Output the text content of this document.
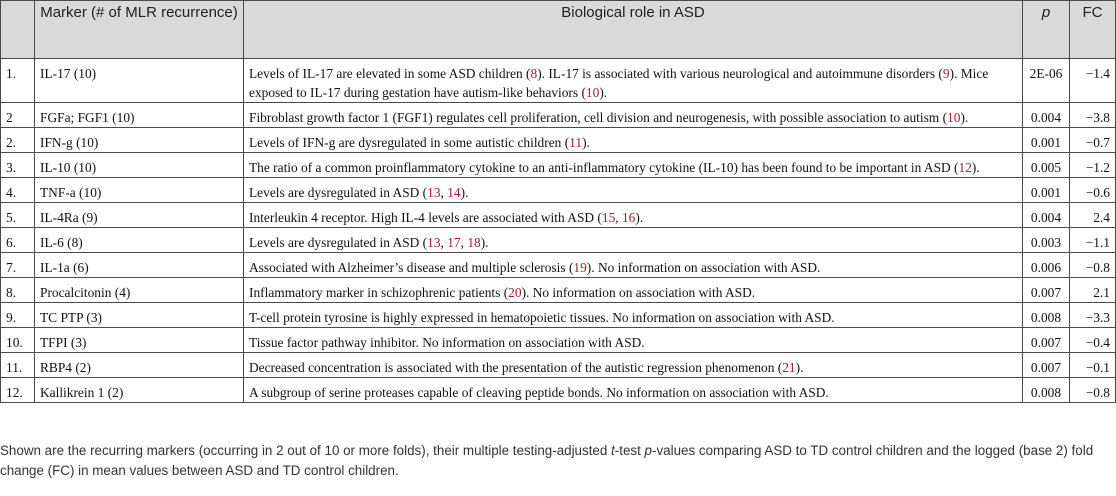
	Marker (# of MLR recurrence)	Biological role in ASD	p	FC
1.	IL-17 (10)	Levels of IL-17 are elevated in some ASD children (8). IL-17 is associated with various neurological and autoimmune disorders (9). Mice exposed to IL-17 during gestation have autism-like behaviors (10).	2E-06	−1.4
2	FGFa; FGF1 (10)	Fibroblast growth factor 1 (FGF1) regulates cell proliferation, cell division and neurogenesis, with possible association to autism (10).	0.004	−3.8
2.	IFN-g (10)	Levels of IFN-g are dysregulated in some autistic children (11).	0.001	−0.7
3.	IL-10 (10)	The ratio of a common proinflammatory cytokine to an anti-inflammatory cytokine (IL-10) has been found to be important in ASD (12).	0.005	−1.2
4.	TNF-a (10)	Levels are dysregulated in ASD (13, 14).	0.001	−0.6
5.	IL-4Ra (9)	Interleukin 4 receptor. High IL-4 levels are associated with ASD (15, 16).	0.004	2.4
6.	IL-6 (8)	Levels are dysregulated in ASD (13, 17, 18).	0.003	−1.1
7.	IL-1a (6)	Associated with Alzheimer’s disease and multiple sclerosis (19). No information on association with ASD.	0.006	−0.8
8.	Procalcitonin (4)	Inflammatory marker in schizophrenic patients (20). No information on association with ASD.	0.007	2.1
9.	TC PTP (3)	T-cell protein tyrosine is highly expressed in hematopoietic tissues. No information on association with ASD.	0.008	−3.3
10.	TFPI (3)	Tissue factor pathway inhibitor. No information on association with ASD.	0.007	−0.4
11.	RBP4 (2)	Decreased concentration is associated with the presentation of the autistic regression phenomenon (21).	0.007	−0.1
12.	Kallikrein 1 (2)	A subgroup of serine proteases capable of cleaving peptide bonds. No information on association with ASD.	0.008	−0.8
Shown are the recurring markers (occurring in 2 out of 10 or more folds), their multiple testing-adjusted t-test p-values comparing ASD to TD control children and the logged (base 2) fold change (FC) in mean values between ASD and TD control children.
